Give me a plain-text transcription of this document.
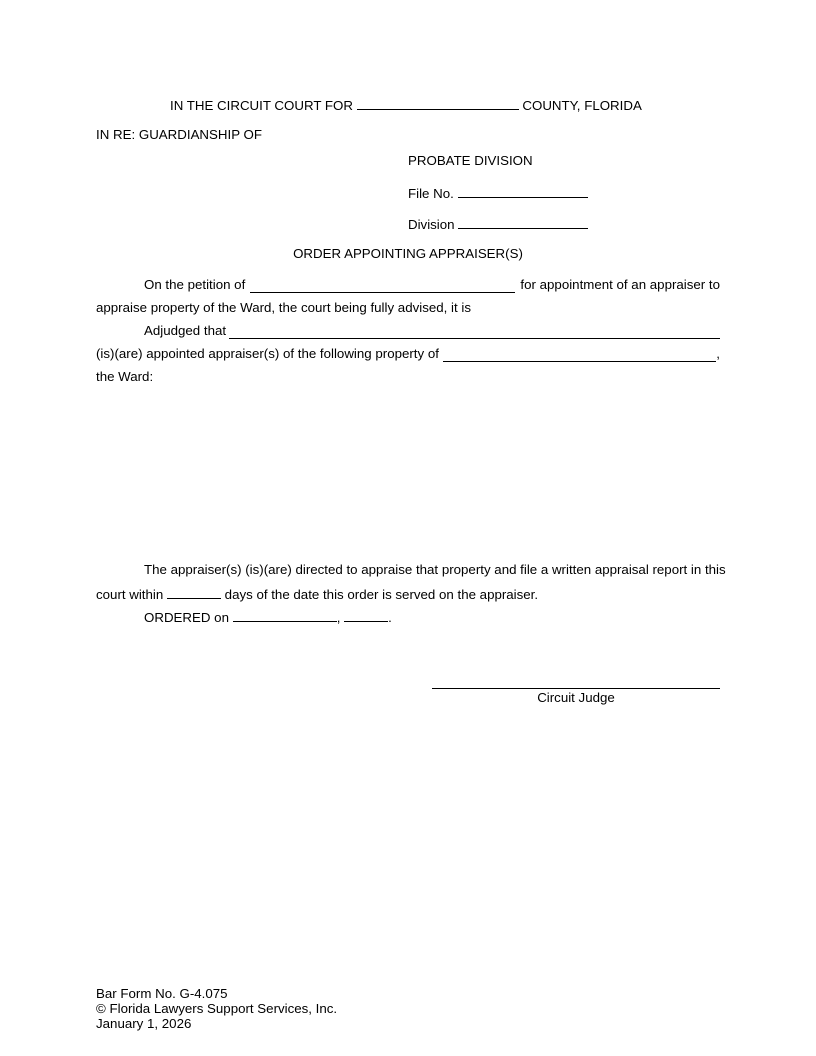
IN THE CIRCUIT COURT FOR	COUNTY, FLORIDA
IN RE: GUARDIANSHIP OF
PROBATE DIVISION
File No.
Division
ORDER APPOINTING APPRAISER(S)
On the petition of	for appointment of an appraiser to
appraise property of the Ward, the court being fully advised, it is
Adjudged that
(is)(are) appointed appraiser(s) of the following property of	,
the Ward:
The appraiser(s) (is)(are) directed to appraise that property and file a written appraisal report in this
court within	days of the date this order is served on the appraiser.
ORDERED on	,	.
Circuit Judge
Bar Form No. G-4.075
© Florida Lawyers Support Services, Inc.
January 1, 2026
